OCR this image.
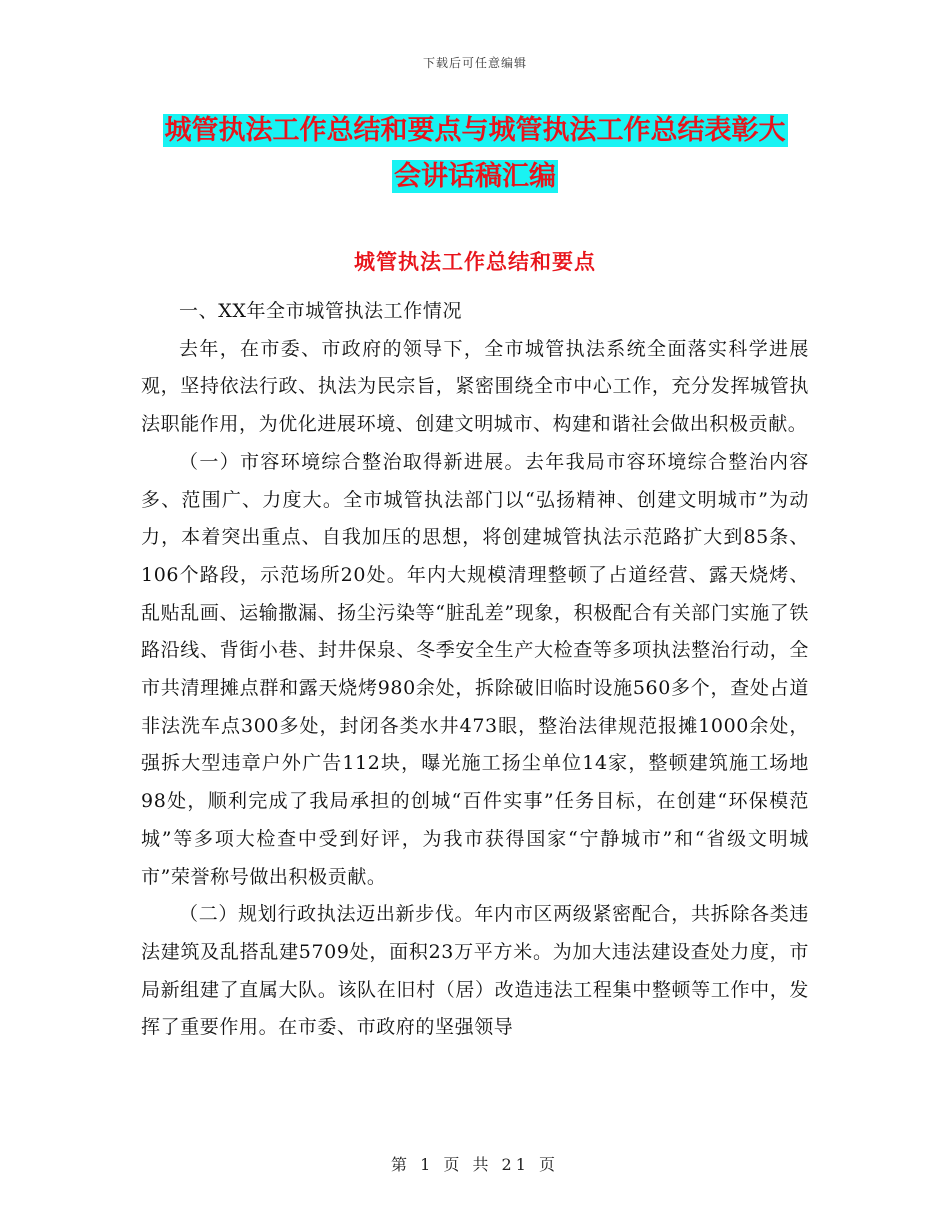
下载后可任意编辑
城管执法工作总结和要点与城管执法工作总结表彰大
会讲话稿汇编
城管执法工作总结和要点

一、XX年全市城管执法工作情况

去年，在市委、市政府的领导下，全市城管执法系统全面落实科学进展观，坚持依法行政、执法为民宗旨，紧密围绕全市中心工作，充分发挥城管执法职能作用，为优化进展环境、创建文明城市、构建和谐社会做出积极贡献。

（一）市容环境综合整治取得新进展。去年我局市容环境综合整治内容多、范围广、力度大。全市城管执法部门以“弘扬精神、创建文明城市”为动力，本着突出重点、自我加压的思想，将创建城管执法示范路扩大到85条、106个路段，示范场所20处。年内大规模清理整顿了占道经营、露天烧烤、乱贴乱画、运输撒漏、扬尘污染等“脏乱差”现象，积极配合有关部门实施了铁路沿线、背街小巷、封井保泉、冬季安全生产大检查等多项执法整治行动，全市共清理摊点群和露天烧烤980余处，拆除破旧临时设施560多个，查处占道非法洗车点300多处，封闭各类水井473眼，整治法律规范报摊1000余处，强拆大型违章户外广告112块，曝光施工扬尘单位14家，整顿建筑施工场地98处，顺利完成了我局承担的创城“百件实事”任务目标，在创建“环保模范城”等多项大检查中受到好评，为我市获得国家“宁静城市”和“省级文明城市”荣誉称号做出积极贡献。

（二）规划行政执法迈出新步伐。年内市区两级紧密配合，共拆除各类违法建筑及乱搭乱建5709处，面积23万平方米。为加大违法建设查处力度，市局新组建了直属大队。该队在旧村（居）改造违法工程集中整顿等工作中，发挥了重要作用。在市委、市政府的坚强领导

第 1 页 共 21 页
